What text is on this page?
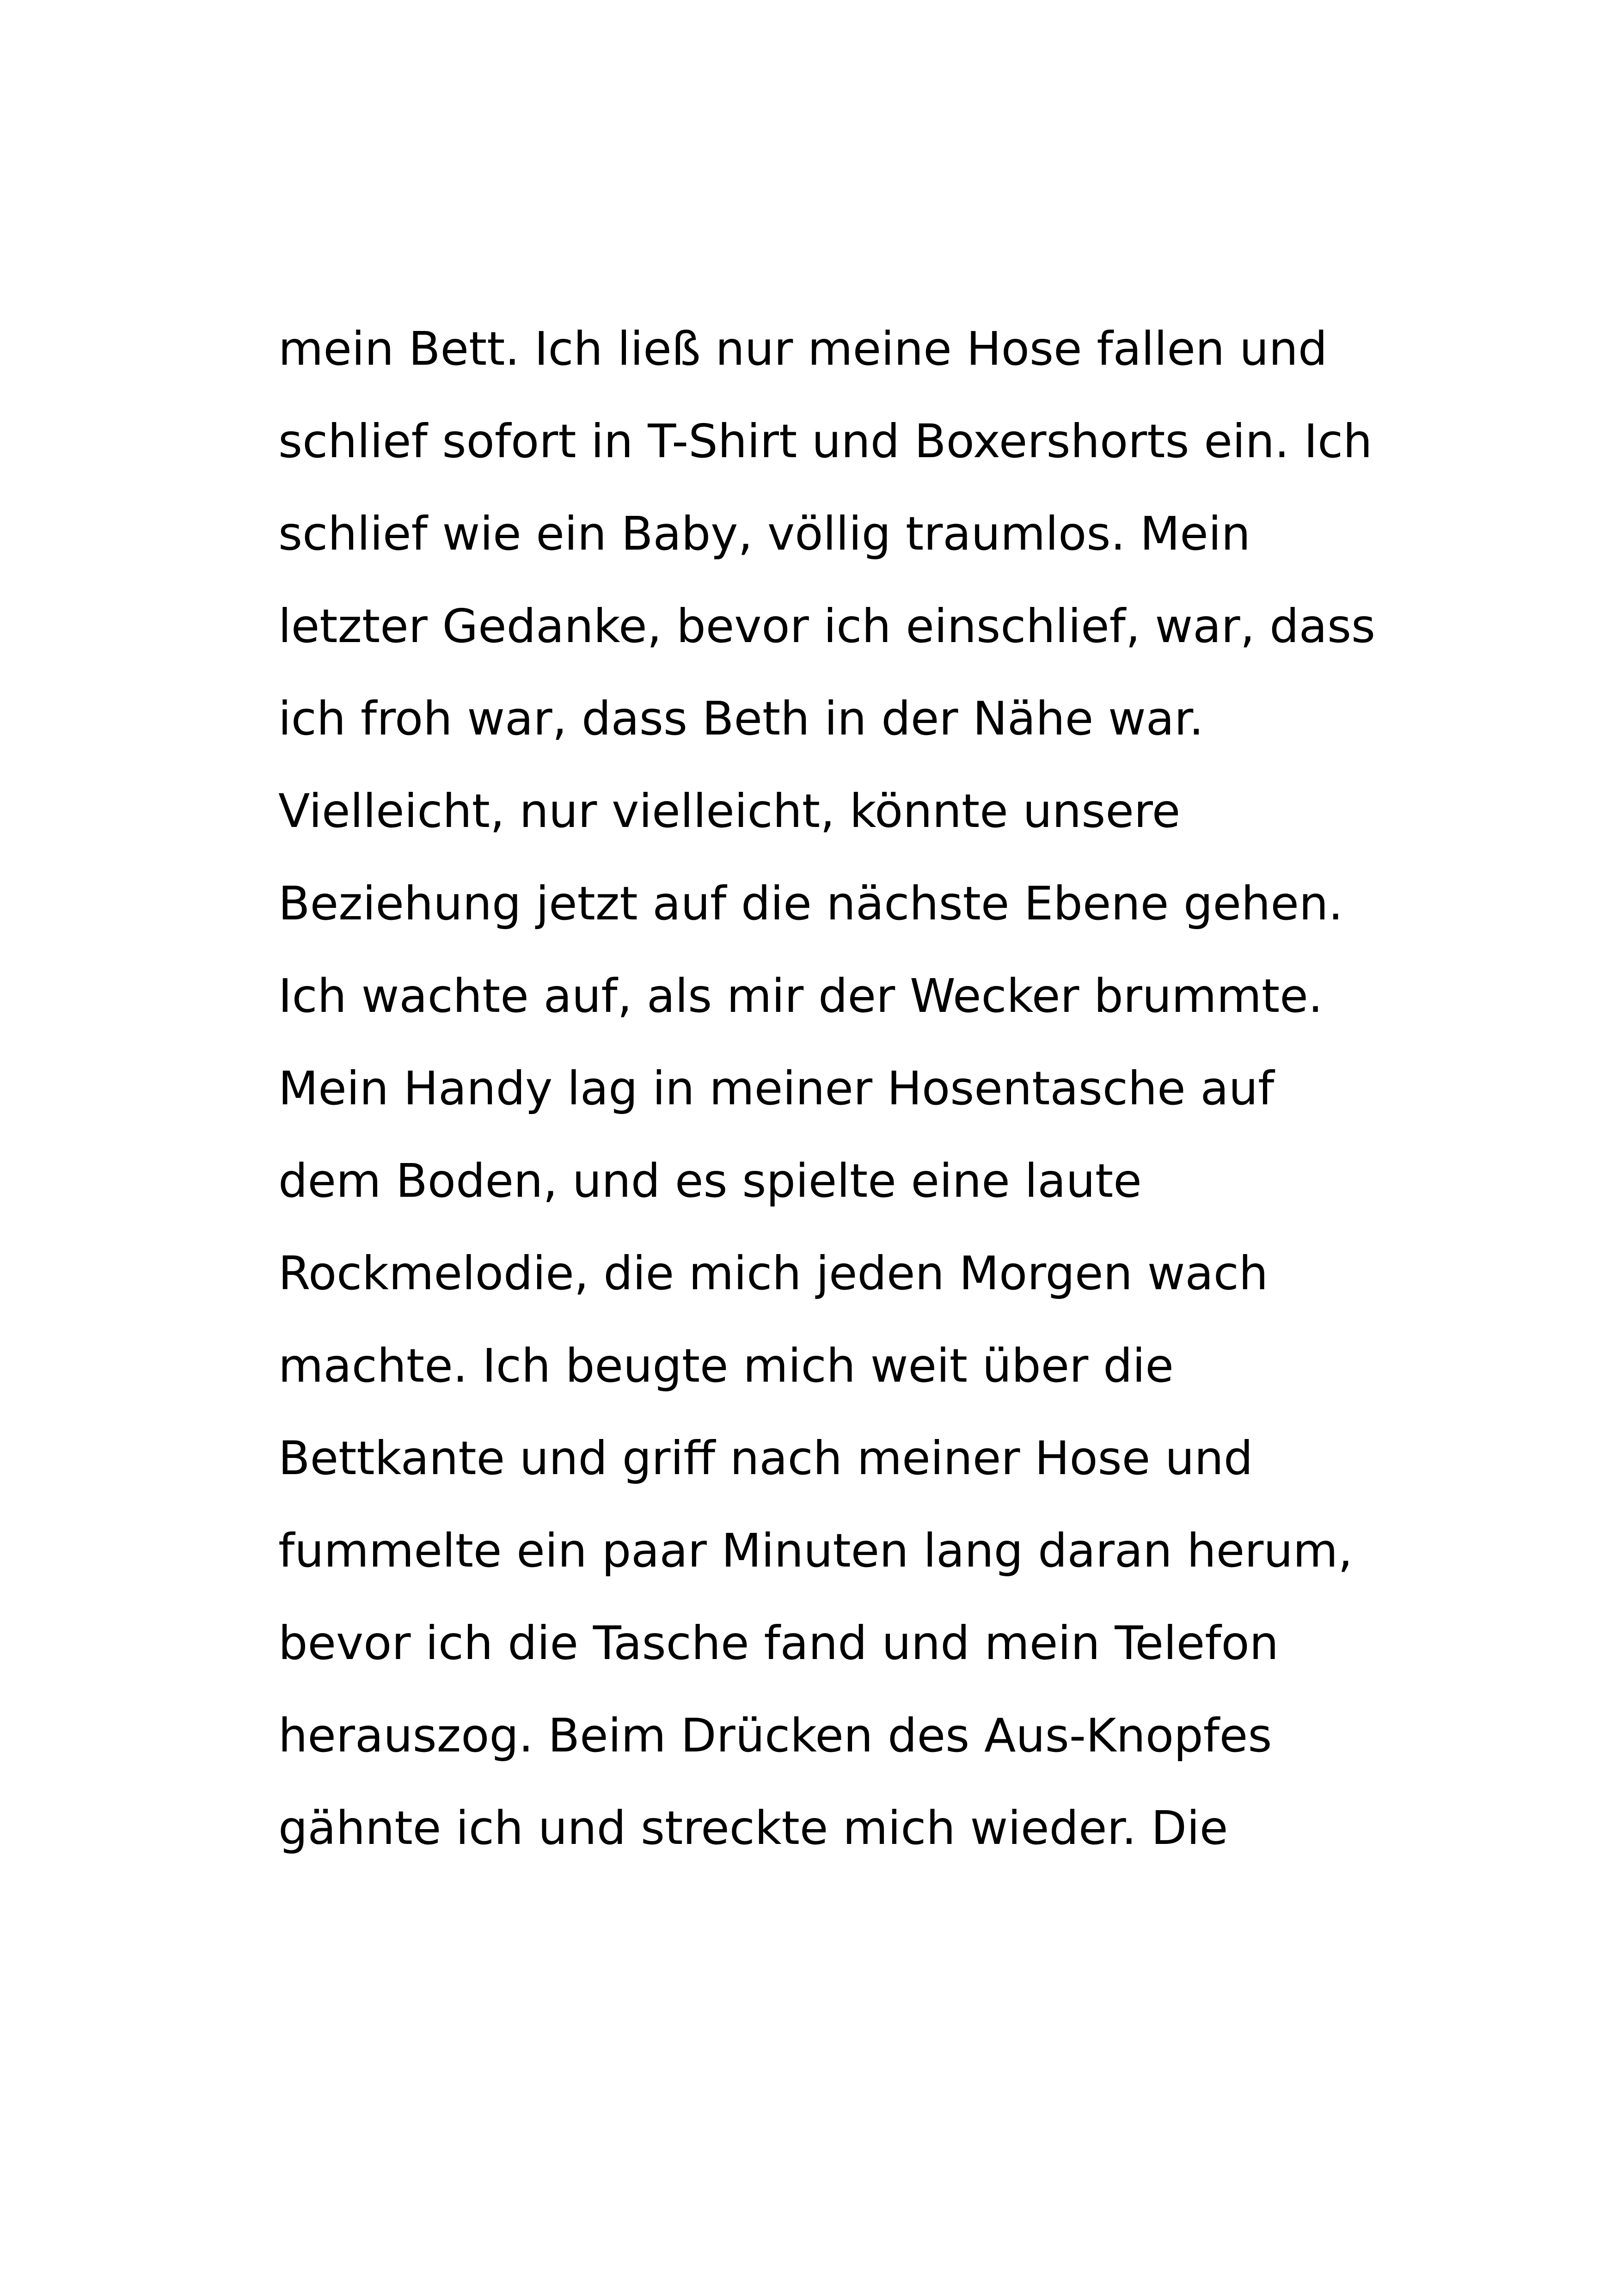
mein Bett. Ich ließ nur meine Hose fallen und
schlief sofort in T-Shirt und Boxershorts ein. Ich
schlief wie ein Baby, völlig traumlos. Mein
letzter Gedanke, bevor ich einschlief, war, dass
ich froh war, dass Beth in der Nähe war.
Vielleicht, nur vielleicht, könnte unsere
Beziehung jetzt auf die nächste Ebene gehen.
Ich wachte auf, als mir der Wecker brummte.
Mein Handy lag in meiner Hosentasche auf
dem Boden, und es spielte eine laute
Rockmelodie, die mich jeden Morgen wach
machte. Ich beugte mich weit über die
Bettkante und griff nach meiner Hose und
fummelte ein paar Minuten lang daran herum,
bevor ich die Tasche fand und mein Telefon
herauszog. Beim Drücken des Aus-Knopfes
gähnte ich und streckte mich wieder. Die
